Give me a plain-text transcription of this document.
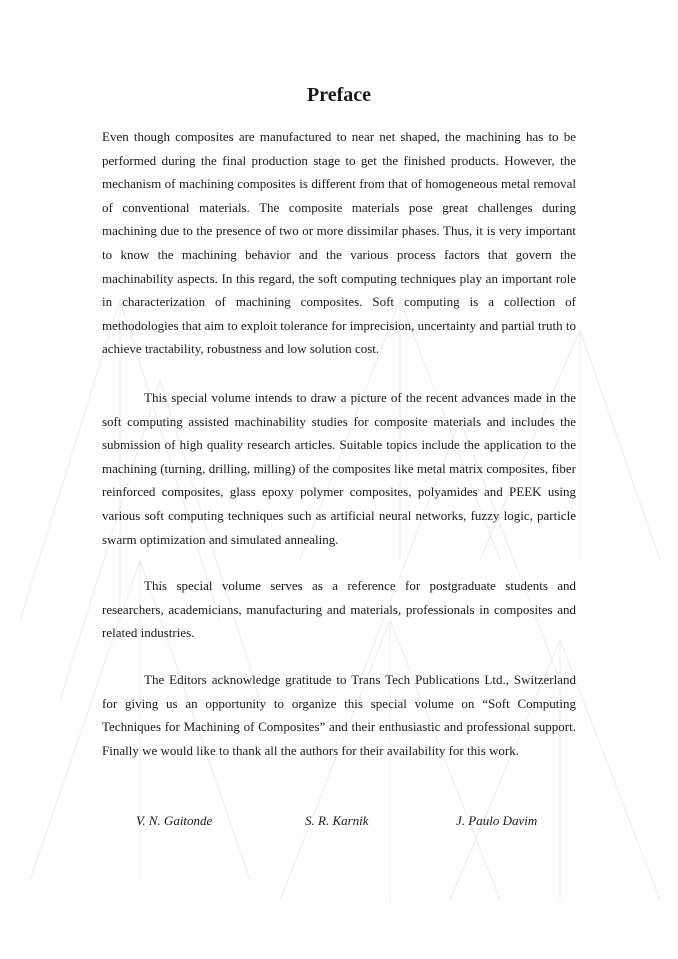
Preface

Even though composites are manufactured to near net shaped, the machining has to be performed during the final production stage to get the finished products. However, the mechanism of machining composites is different from that of homogeneous metal removal of conventional materials. The composite materials pose great challenges during machining due to the presence of two or more dissimilar phases. Thus, it is very important to know the machining behavior and the various process factors that govern the machinability aspects. In this regard, the soft computing techniques play an important role in characterization of machining composites. Soft computing is a collection of methodologies that aim to exploit tolerance for imprecision, uncertainty and partial truth to achieve tractability, robustness and low solution cost.

This special volume intends to draw a picture of the recent advances made in the soft computing assisted machinability studies for composite materials and includes the submission of high quality research articles. Suitable topics include the application to the machining (turning, drilling, milling) of the composites like metal matrix composites, fiber reinforced composites, glass epoxy polymer composites, polyamides and PEEK using various soft computing techniques such as artificial neural networks, fuzzy logic, particle swarm optimization and simulated annealing.

This special volume serves as a reference for postgraduate students and researchers, academicians, manufacturing and materials, professionals in composites and related industries.

The Editors acknowledge gratitude to Trans Tech Publications Ltd., Switzerland for giving us an opportunity to organize this special volume on “Soft Computing Techniques for Machining of Composites” and their enthusiastic and professional support. Finally we would like to thank all the authors for their availability for this work.

V. N. Gaitonde	S. R. Karnik	J. Paulo Davim
